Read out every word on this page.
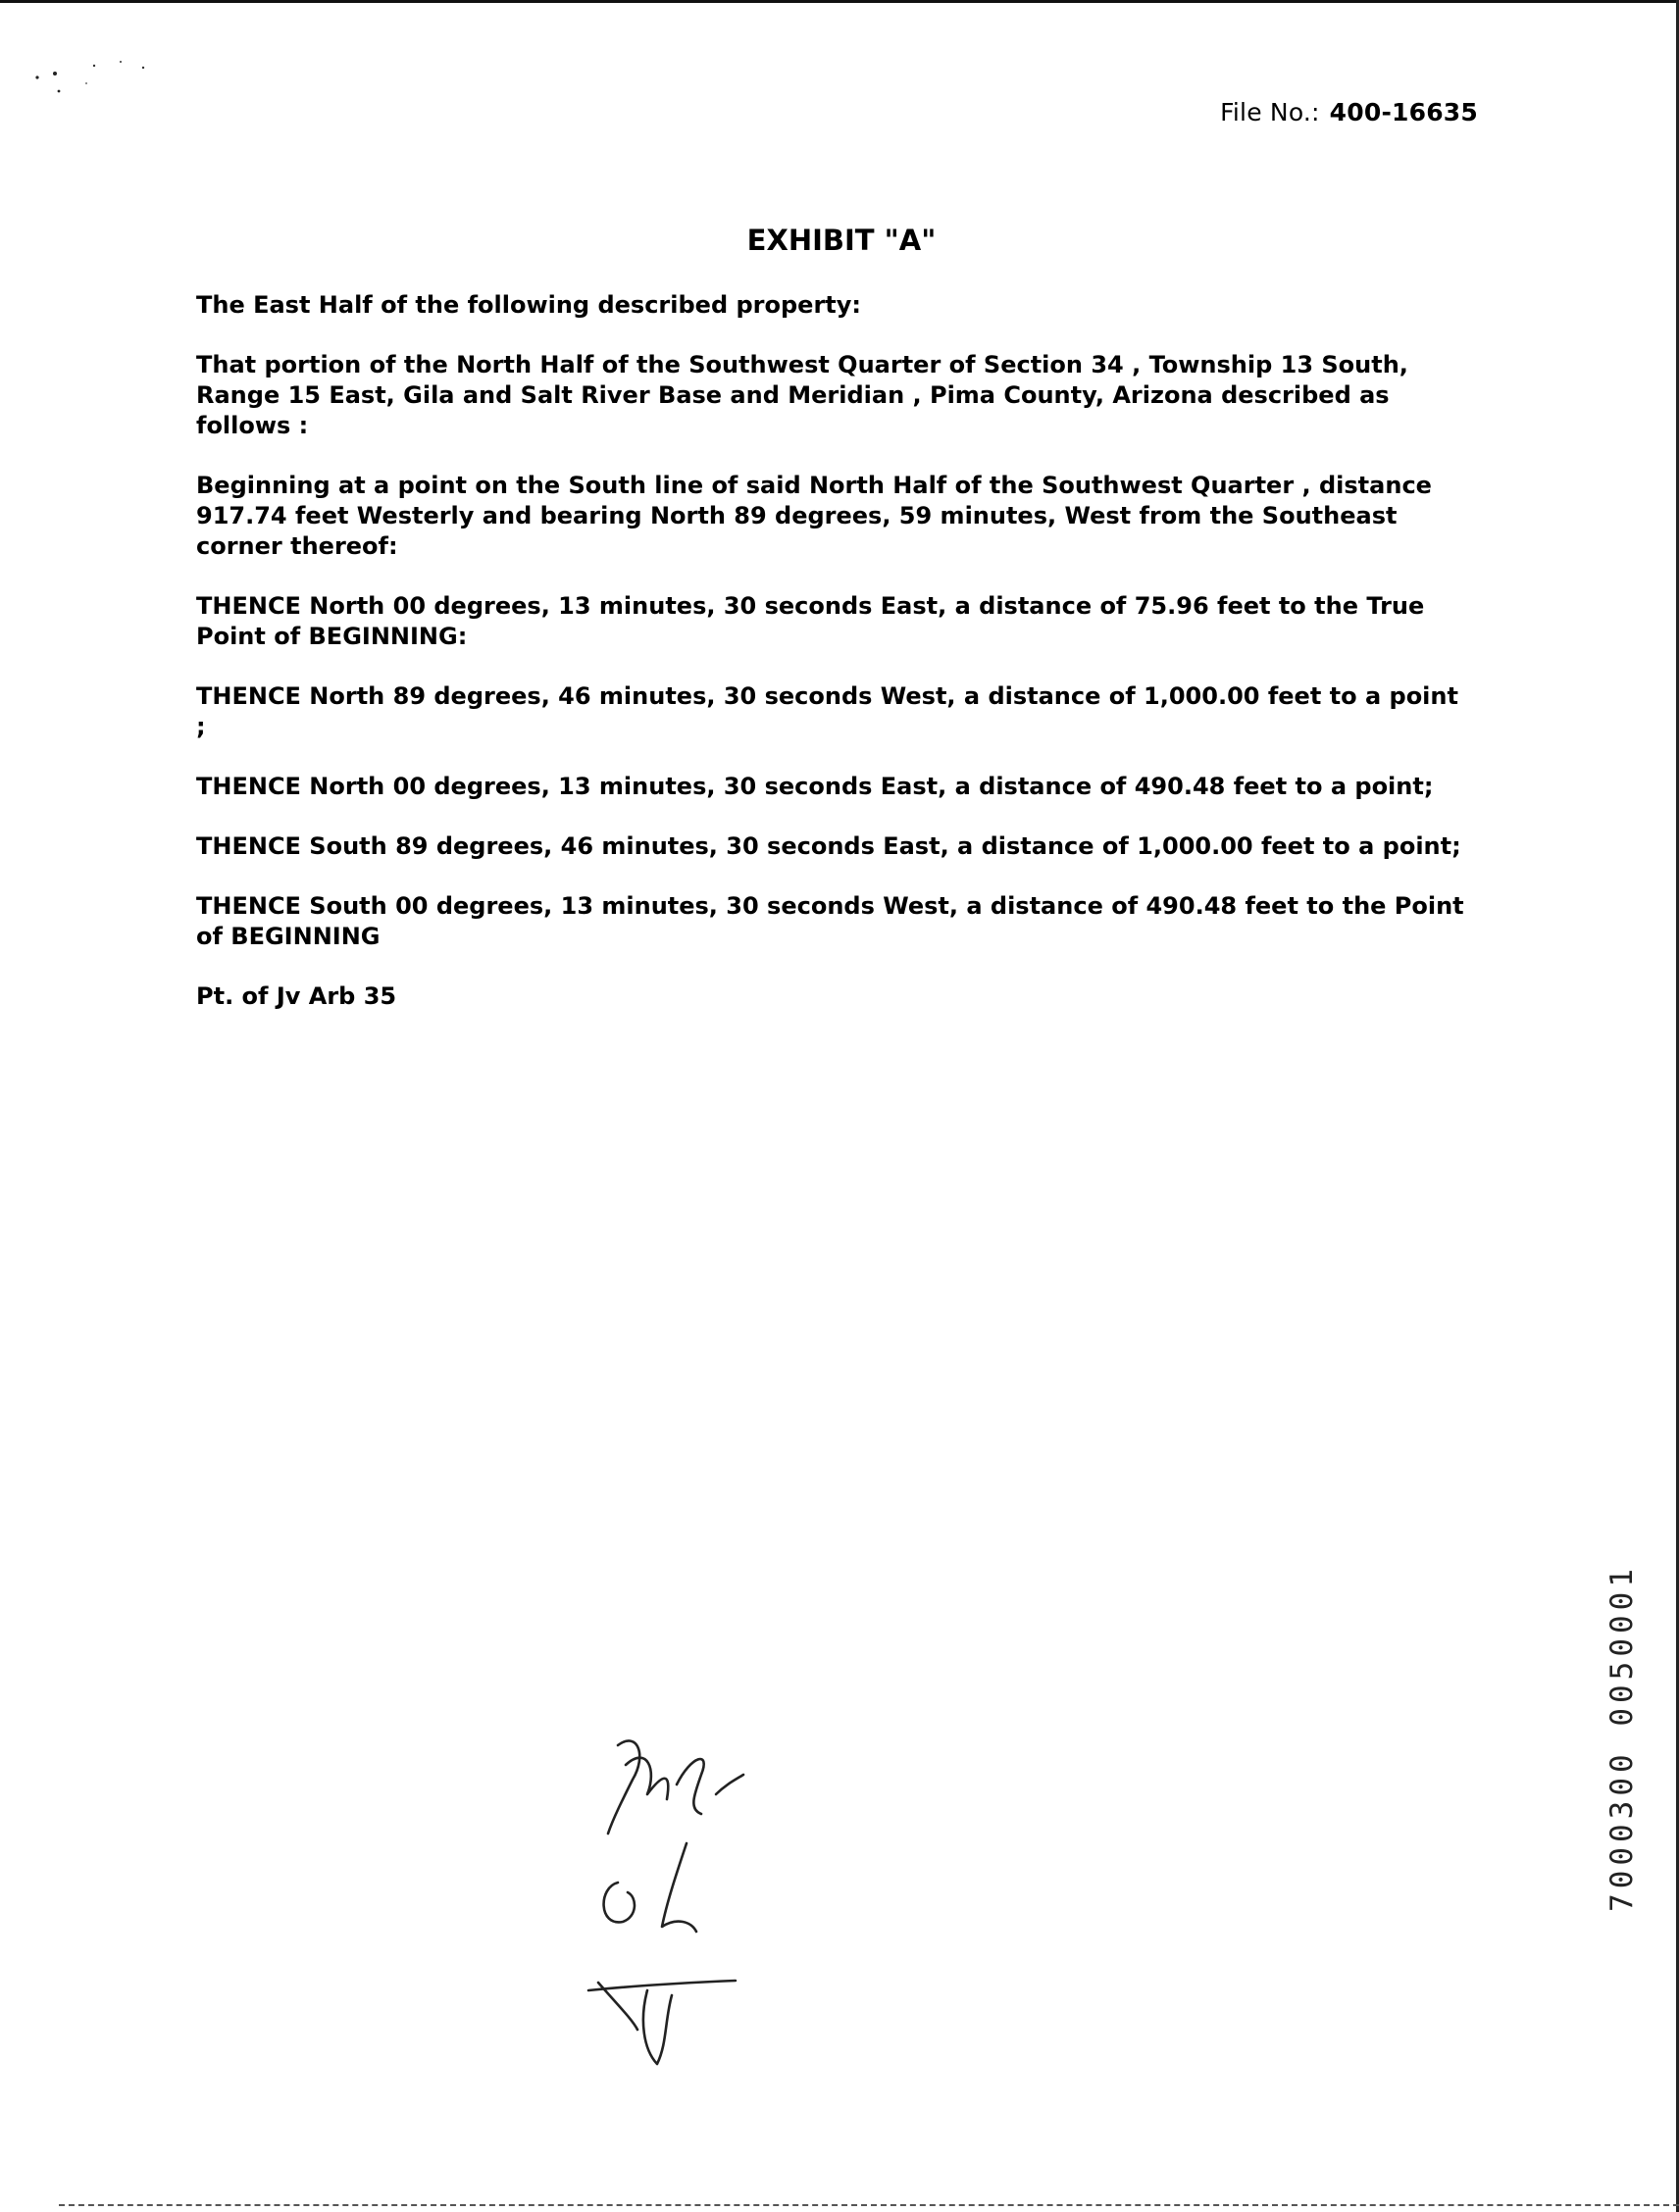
File No.: 400-16635
EXHIBIT "A"

The East Half of the following described property:

That portion of the North Half of the Southwest Quarter of Section 34 , Township 13 South, Range 15 East, Gila and Salt River Base and Meridian , Pima County, Arizona described as follows :

Beginning at a point on the South line of said North Half of the Southwest Quarter , distance 917.74 feet Westerly and bearing North 89 degrees, 59 minutes, West from the Southeast corner thereof:

THENCE North 00 degrees, 13 minutes, 30 seconds East, a distance of 75.96 feet to the True Point of BEGINNING:

THENCE North 89 degrees, 46 minutes, 30 seconds West, a distance of 1,000.00 feet to a point ;

THENCE North 00 degrees, 13 minutes, 30 seconds East, a distance of 490.48 feet to a point;

THENCE South 89 degrees, 46 minutes, 30 seconds East, a distance of 1,000.00 feet to a point;

THENCE South 00 degrees, 13 minutes, 30 seconds West, a distance of 490.48 feet to the Point of BEGINNING

Pt. of Jv Arb 35

7000300 0050001
